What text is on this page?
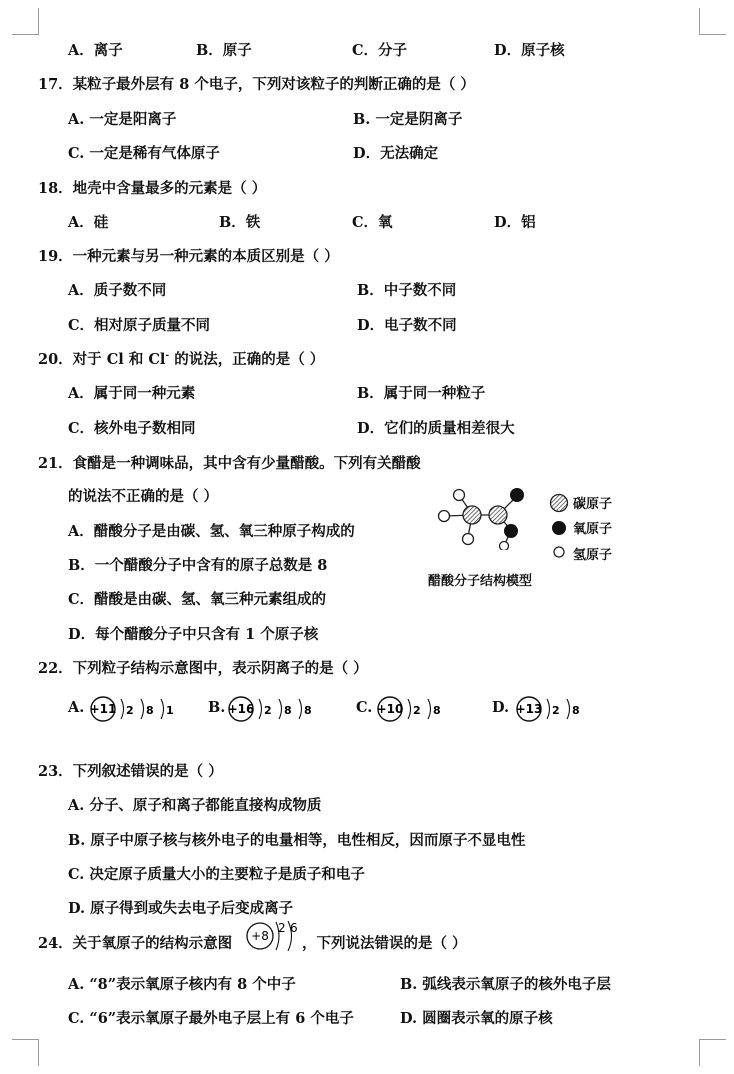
A．离子	B．原子	C．分子	D．原子核
17．某粒子最外层有 8 个电子，下列对该粒子的判断正确的是（ ）
A. 一定是阳离子	B. 一定是阴离子
C. 一定是稀有气体原子	D．无法确定
18．地壳中含量最多的元素是（ ）
A．硅	B．铁	C．氧	D．铝
19．一种元素与另一种元素的本质区别是（ ）
A．质子数不同	B．中子数不同
C．相对原子质量不同	D．电子数不同
20．对于 Cl 和 Cl- 的说法，正确的是（ ）
A．属于同一种元素	B．属于同一种粒子
C．核外电子数相同	D．它们的质量相差很大
21．食醋是一种调味品，其中含有少量醋酸。下列有关醋酸
的说法不正确的是（ ）
A．醋酸分子是由碳、氢、氧三种原子构成的
B．一个醋酸分子中含有的原子总数是 8
C．醋酸是由碳、氢、氧三种元素组成的
D．每个醋酸分子中只含有 1 个原子核
碳原子
氧原子
氢原子
醋酸分子结构模型
22．下列粒子结构示意图中，表示阴离子的是（ ）
A. +11 2 8 1 B. +16 2 8 8	C. +10 2 8	D. +13 2 8
23．下列叙述错误的是（ ）
A. 分子、原子和离子都能直接构成物质
B. 原子中原子核与核外电子的电量相等，电性相反，因而原子不显电性
C. 决定原子质量大小的主要粒子是质子和电子
D. 原子得到或失去电子后变成离子
24．关于氧原子的结构示意图 +8
2 6
，下列说法错误的是（ ）
A. “8”表示氧原子核内有 8 个中子	B. 弧线表示氧原子的核外电子层
C. “6”表示氧原子最外电子层上有 6 个电子	D. 圆圈表示氧的原子核
